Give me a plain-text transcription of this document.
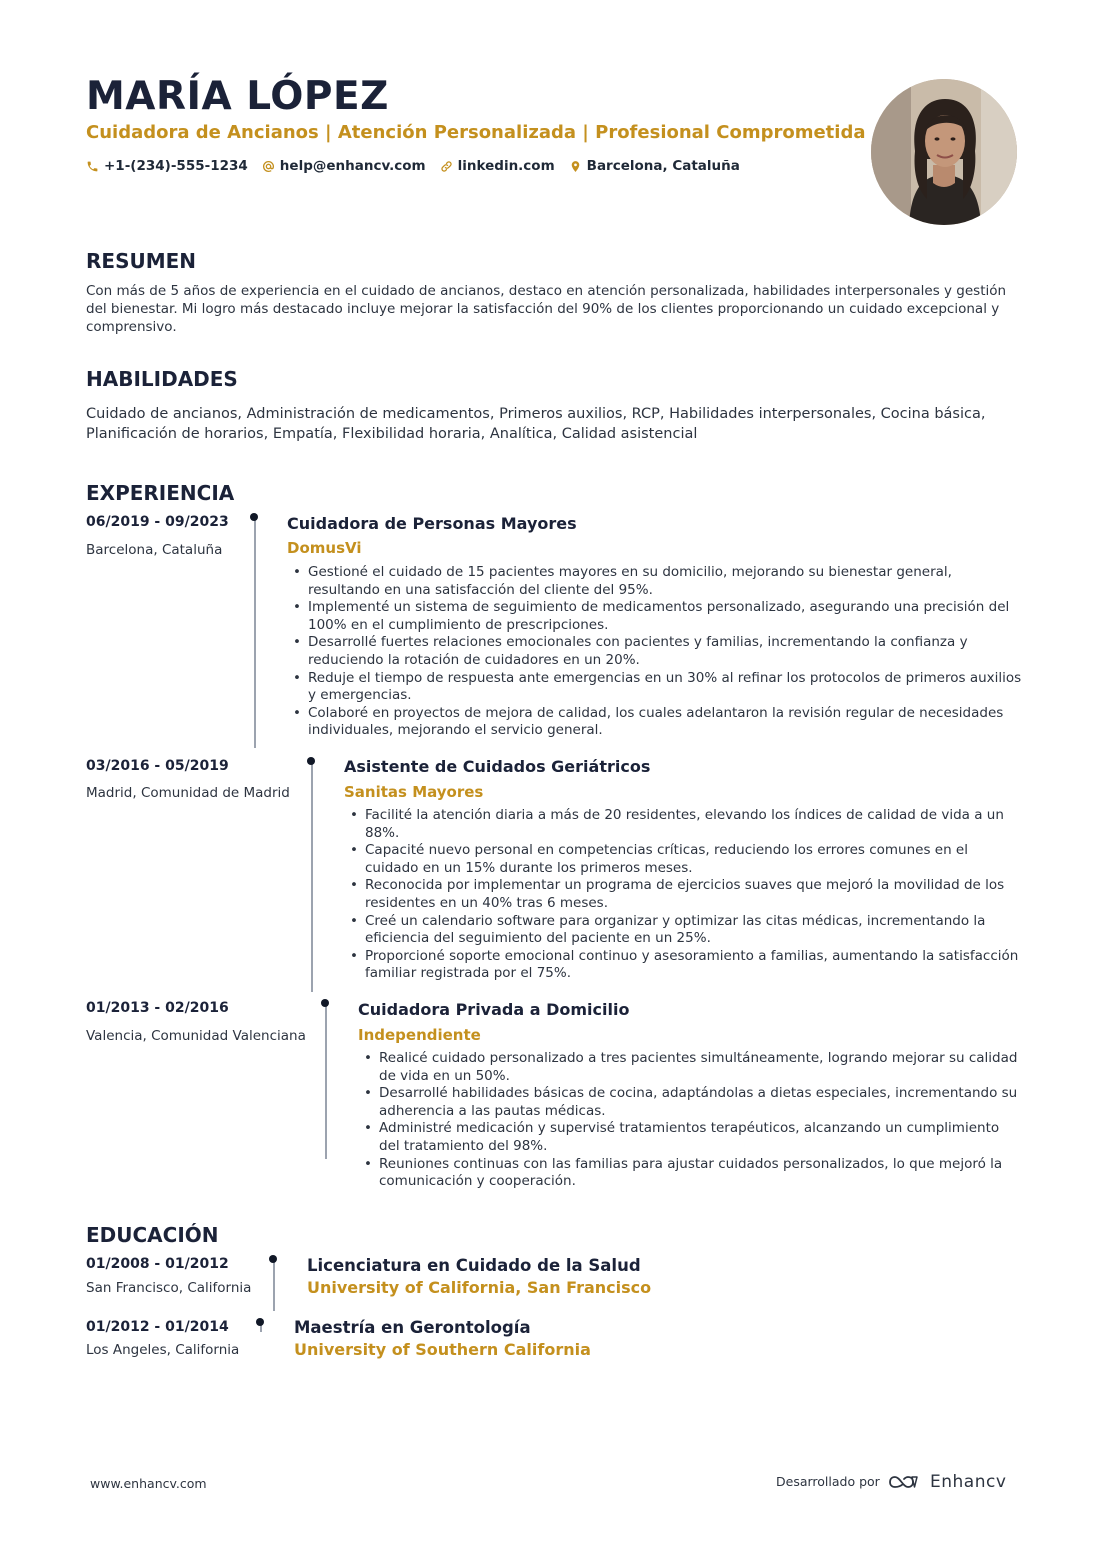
MARÍA LÓPEZ
Cuidadora de Ancianos | Atención Personalizada | Profesional Comprometida
+1-(234)-555-1234 help@enhancv.com linkedin.com Barcelona, Cataluña
RESUMEN
Con más de 5 años de experiencia en el cuidado de ancianos, destaco en atención personalizada, habilidades interpersonales y gestión del bienestar. Mi logro más destacado incluye mejorar la satisfacción del 90% de los clientes proporcionando un cuidado excepcional y comprensivo.
HABILIDADES
Cuidado de ancianos, Administración de medicamentos, Primeros auxilios, RCP, Habilidades interpersonales, Cocina básica, Planificación de horarios, Empatía, Flexibilidad horaria, Analítica, Calidad asistencial
EXPERIENCIA
06/2019 - 09/2023
Barcelona, Cataluña
Cuidadora de Personas Mayores
DomusVi
• Gestioné el cuidado de 15 pacientes mayores en su domicilio, mejorando su bienestar general, resultando en una satisfacción del cliente del 95%.
• Implementé un sistema de seguimiento de medicamentos personalizado, asegurando una precisión del 100% en el cumplimiento de prescripciones.
• Desarrollé fuertes relaciones emocionales con pacientes y familias, incrementando la confianza y reduciendo la rotación de cuidadores en un 20%.
• Reduje el tiempo de respuesta ante emergencias en un 30% al refinar los protocolos de primeros auxilios y emergencias.
• Colaboré en proyectos de mejora de calidad, los cuales adelantaron la revisión regular de necesidades individuales, mejorando el servicio general.
03/2016 - 05/2019
Madrid, Comunidad de Madrid
Asistente de Cuidados Geriátricos
Sanitas Mayores
• Facilité la atención diaria a más de 20 residentes, elevando los índices de calidad de vida a un 88%.
• Capacité nuevo personal en competencias críticas, reduciendo los errores comunes en el cuidado en un 15% durante los primeros meses.
• Reconocida por implementar un programa de ejercicios suaves que mejoró la movilidad de los residentes en un 40% tras 6 meses.
• Creé un calendario software para organizar y optimizar las citas médicas, incrementando la eficiencia del seguimiento del paciente en un 25%.
• Proporcioné soporte emocional continuo y asesoramiento a familias, aumentando la satisfacción familiar registrada por el 75%.
01/2013 - 02/2016
Valencia, Comunidad Valenciana
Cuidadora Privada a Domicilio
Independiente
• Realicé cuidado personalizado a tres pacientes simultáneamente, logrando mejorar su calidad de vida en un 50%.
• Desarrollé habilidades básicas de cocina, adaptándolas a dietas especiales, incrementando su adherencia a las pautas médicas.
• Administré medicación y supervisé tratamientos terapéuticos, alcanzando un cumplimiento del tratamiento del 98%.
• Reuniones continuas con las familias para ajustar cuidados personalizados, lo que mejoró la comunicación y cooperación.
EDUCACIÓN
01/2008 - 01/2012
San Francisco, California
Licenciatura en Cuidado de la Salud
University of California, San Francisco
01/2012 - 01/2014
Los Angeles, California
Maestría en Gerontología
University of Southern California
www.enhancv.com	Desarrollado por	Enhancv
